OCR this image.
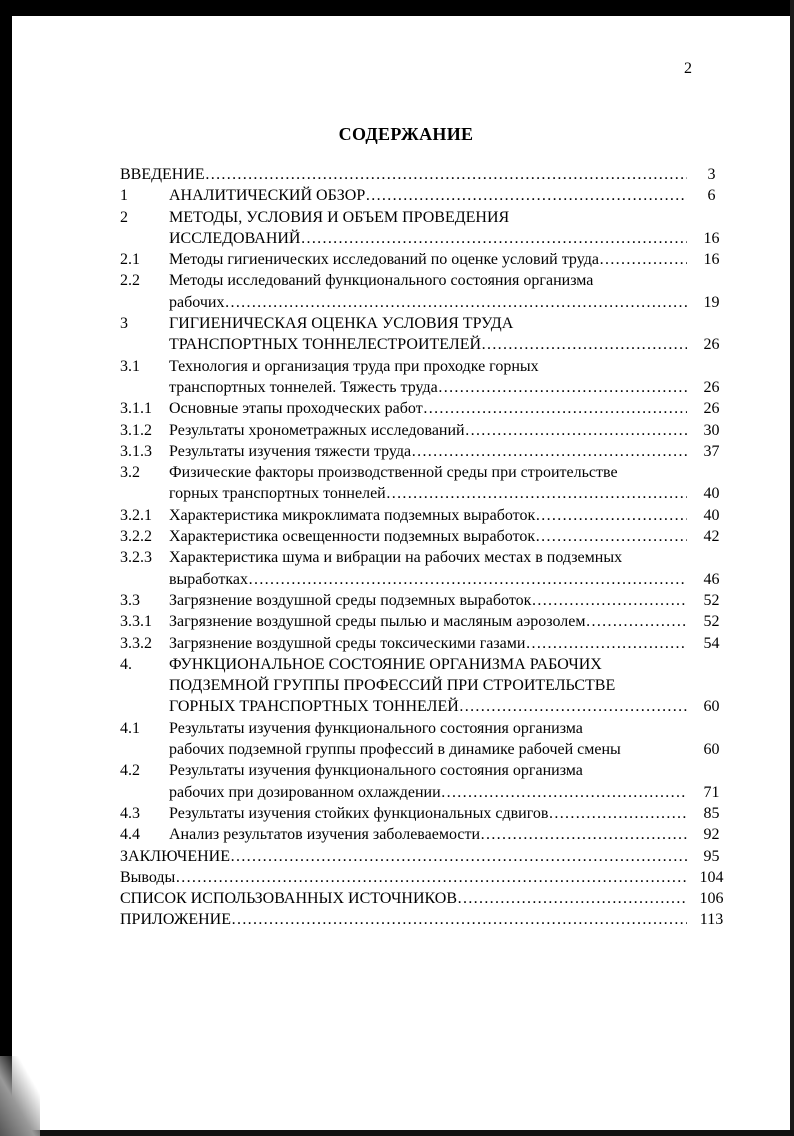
2
СОДЕРЖАНИЕ
ВВЕДЕНИЕ …………………………………………………………………………………………………………………………………………………………………………	3
1	АНАЛИТИЧЕСКИЙ ОБЗОР …………………………………………………………………………………………………………………………………………………………………………	6
2	МЕТОДЫ, УСЛОВИЯ И ОБЪЕМ ПРОВЕДЕНИЯ
ИССЛЕДОВАНИЙ …………………………………………………………………………………………………………………………………………………………………………	16
2.1	Методы гигиенических исследований по оценке условий труда …………………………………………………………………………………………………………………………………………………………………………	16
2.2	Методы исследований функционального состояния организма
рабочих …………………………………………………………………………………………………………………………………………………………………………	19
3	ГИГИЕНИЧЕСКАЯ ОЦЕНКА УСЛОВИЯ ТРУДА
ТРАНСПОРТНЫХ ТОННЕЛЕСТРОИТЕЛЕЙ …………………………………………………………………………………………………………………………………………………………………………	26
3.1	Технология и организация труда при проходке горных
транспортных тоннелей. Тяжесть труда …………………………………………………………………………………………………………………………………………………………………………	26
3.1.1	Основные этапы проходческих работ …………………………………………………………………………………………………………………………………………………………………………	26
3.1.2	Результаты хронометражных исследований …………………………………………………………………………………………………………………………………………………………………………	30
3.1.3	Результаты изучения тяжести труда …………………………………………………………………………………………………………………………………………………………………………	37
3.2	Физические факторы производственной среды при строительстве
горных транспортных тоннелей …………………………………………………………………………………………………………………………………………………………………………	40
3.2.1	Характеристика микроклимата подземных выработок …………………………………………………………………………………………………………………………………………………………………………	40
3.2.2	Характеристика освещенности подземных выработок …………………………………………………………………………………………………………………………………………………………………………	42
3.2.3	Характеристика шума и вибрации на рабочих местах в подземных
выработках …………………………………………………………………………………………………………………………………………………………………………	46
3.3	Загрязнение воздушной среды подземных выработок …………………………………………………………………………………………………………………………………………………………………………	52
3.3.1	Загрязнение воздушной среды пылью и масляным аэрозолем …………………………………………………………………………………………………………………………………………………………………………	52
3.3.2	Загрязнение воздушной среды токсическими газами …………………………………………………………………………………………………………………………………………………………………………	54
4.	ФУНКЦИОНАЛЬНОЕ СОСТОЯНИЕ ОРГАНИЗМА РАБОЧИХ
ПОДЗЕМНОЙ ГРУППЫ ПРОФЕССИЙ ПРИ СТРОИТЕЛЬСТВЕ
ГОРНЫХ ТРАНСПОРТНЫХ ТОННЕЛЕЙ …………………………………………………………………………………………………………………………………………………………………………	60
4.1	Результаты изучения функционального состояния организма
рабочих подземной группы профессий в динамике рабочей смены	60
4.2	Результаты изучения функционального состояния организма
рабочих при дозированном охлаждении …………………………………………………………………………………………………………………………………………………………………………	71
4.3	Результаты изучения стойких функциональных сдвигов …………………………………………………………………………………………………………………………………………………………………………	85
4.4	Анализ результатов изучения заболеваемости …………………………………………………………………………………………………………………………………………………………………………	92
ЗАКЛЮЧЕНИЕ …………………………………………………………………………………………………………………………………………………………………………	95
Выводы …………………………………………………………………………………………………………………………………………………………………………	104
СПИСОК ИСПОЛЬЗОВАННЫХ ИСТОЧНИКОВ …………………………………………………………………………………………………………………………………………………………………………	106
ПРИЛОЖЕНИЕ …………………………………………………………………………………………………………………………………………………………………………	113
